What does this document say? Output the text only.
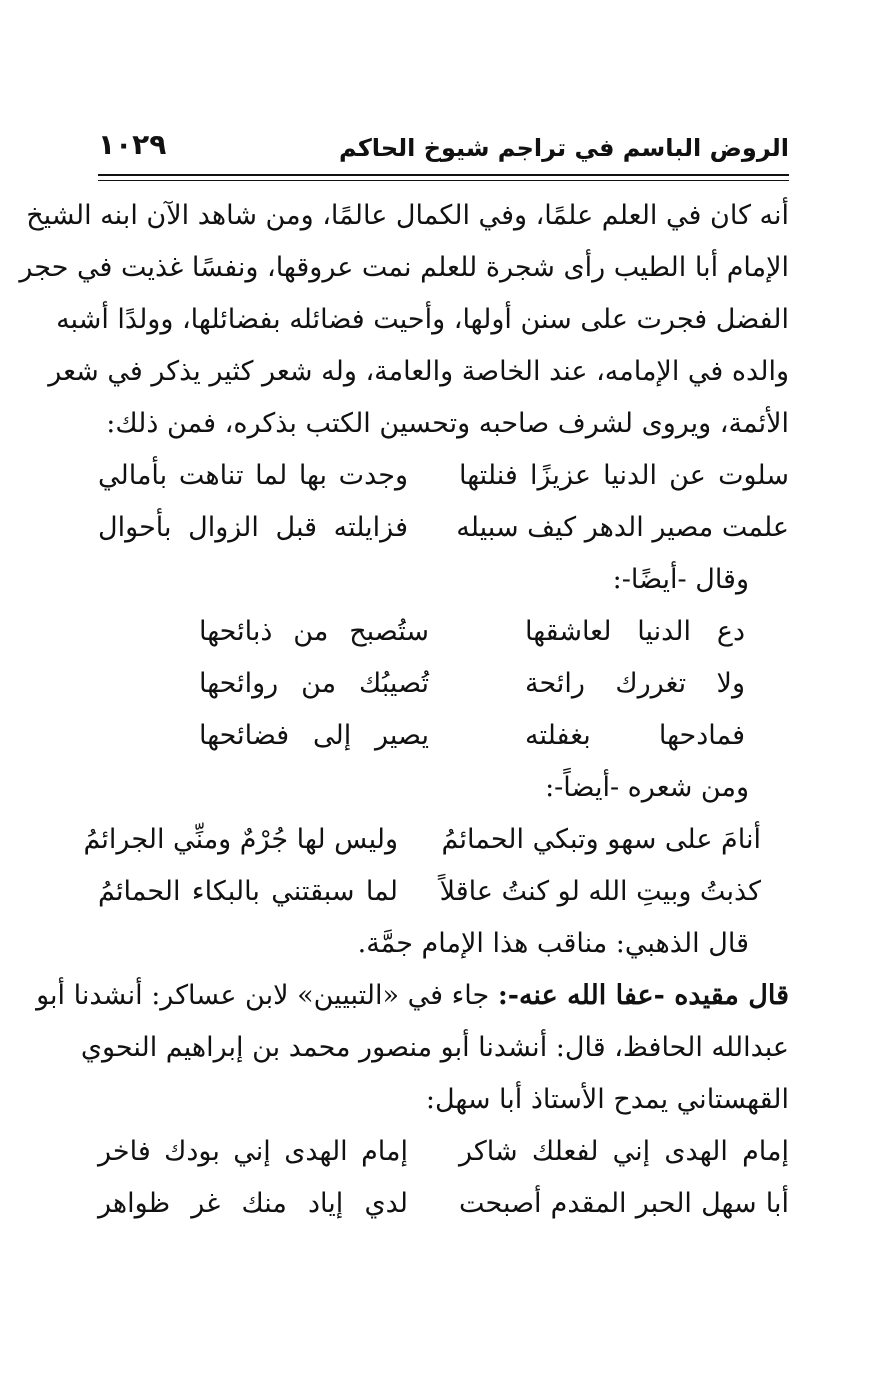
الروض الباسم في تراجم شيوخ الحاكم
١٠٢٩
أنه كان في العلم علمًا، وفي الكمال عالمًا، ومن شاهد الآن ابنه الشيخ
الإمام أبا الطيب رأى شجرة للعلم نمت عروقها، ونفسًا غذيت في حجر
الفضل فجرت على سنن أولها، وأحيت فضائله بفضائلها، وولدًا أشبه
والده في الإمامه، عند الخاصة والعامة، وله شعر كثير يذكر في شعر
الأئمة، ويروى لشرف صاحبه وتحسين الكتب بذكره، فمن ذلك:
سلوت عن الدنيا عزيزًا فنلتها
وجدت بها لما تناهت بأمالي
علمت مصير الدهر كيف سبيله
فزايلته قبل الزوال بأحوال
وقال -أيضًا-:
دع الدنيا لعاشقها
ستُصبح من ذبائحها
ولا تغررك رائحة
تُصيبُك من روائحها
فمادحها بغفلته
يصير إلى فضائحها
ومن شعره -أيضاً-:
أنامَ على سهو وتبكي الحمائمُ
وليس لها جُرْمٌ ومنِّي الجرائمُ
كذبتُ وبيتِ الله لو كنتُ عاقلاً
لما سبقتني بالبكاء الحمائمُ
قال الذهبي: مناقب هذا الإمام جمَّة.
قال مقيده -عفا الله عنه-: جاء في «التبيين» لابن عساكر: أنشدنا أبو
عبدالله الحافظ، قال: أنشدنا أبو منصور محمد بن إبراهيم النحوي
القهستاني يمدح الأستاذ أبا سهل:
إمام الهدى إني لفعلك شاكر
إمام الهدى إني بودك فاخر
أبا سهل الحبر المقدم أصبحت
لدي إياد منك غر ظواهر
